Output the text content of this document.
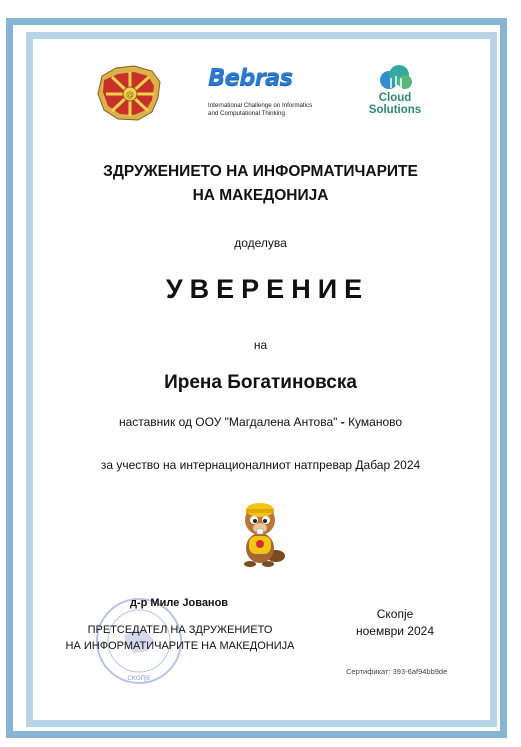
@
Bebras
International Challenge on Informatics
and Computational Thinking
Cloud
Solutions
ЗДРУЖЕНИЕТО НА ИНФОРМАТИЧАРИТЕ
НА МАКЕДОНИЈА
доделува
УВЕРЕНИЕ
на
Ирена Богатиновска
наставник од ООУ "Магдалена Антова" - Куманово
за учество на интернационалниот натпревар Дабар 2024
СКОПЈЕ
д-р Миле Јованов
ПРЕТСЕДАТЕЛ НА ЗДРУЖЕНИЕТО
НА ИНФОРМАТИЧАРИТЕ НА МАКЕДОНИЈА
Скопје
ноември 2024
Сертификат: 393-6af94bb9de
